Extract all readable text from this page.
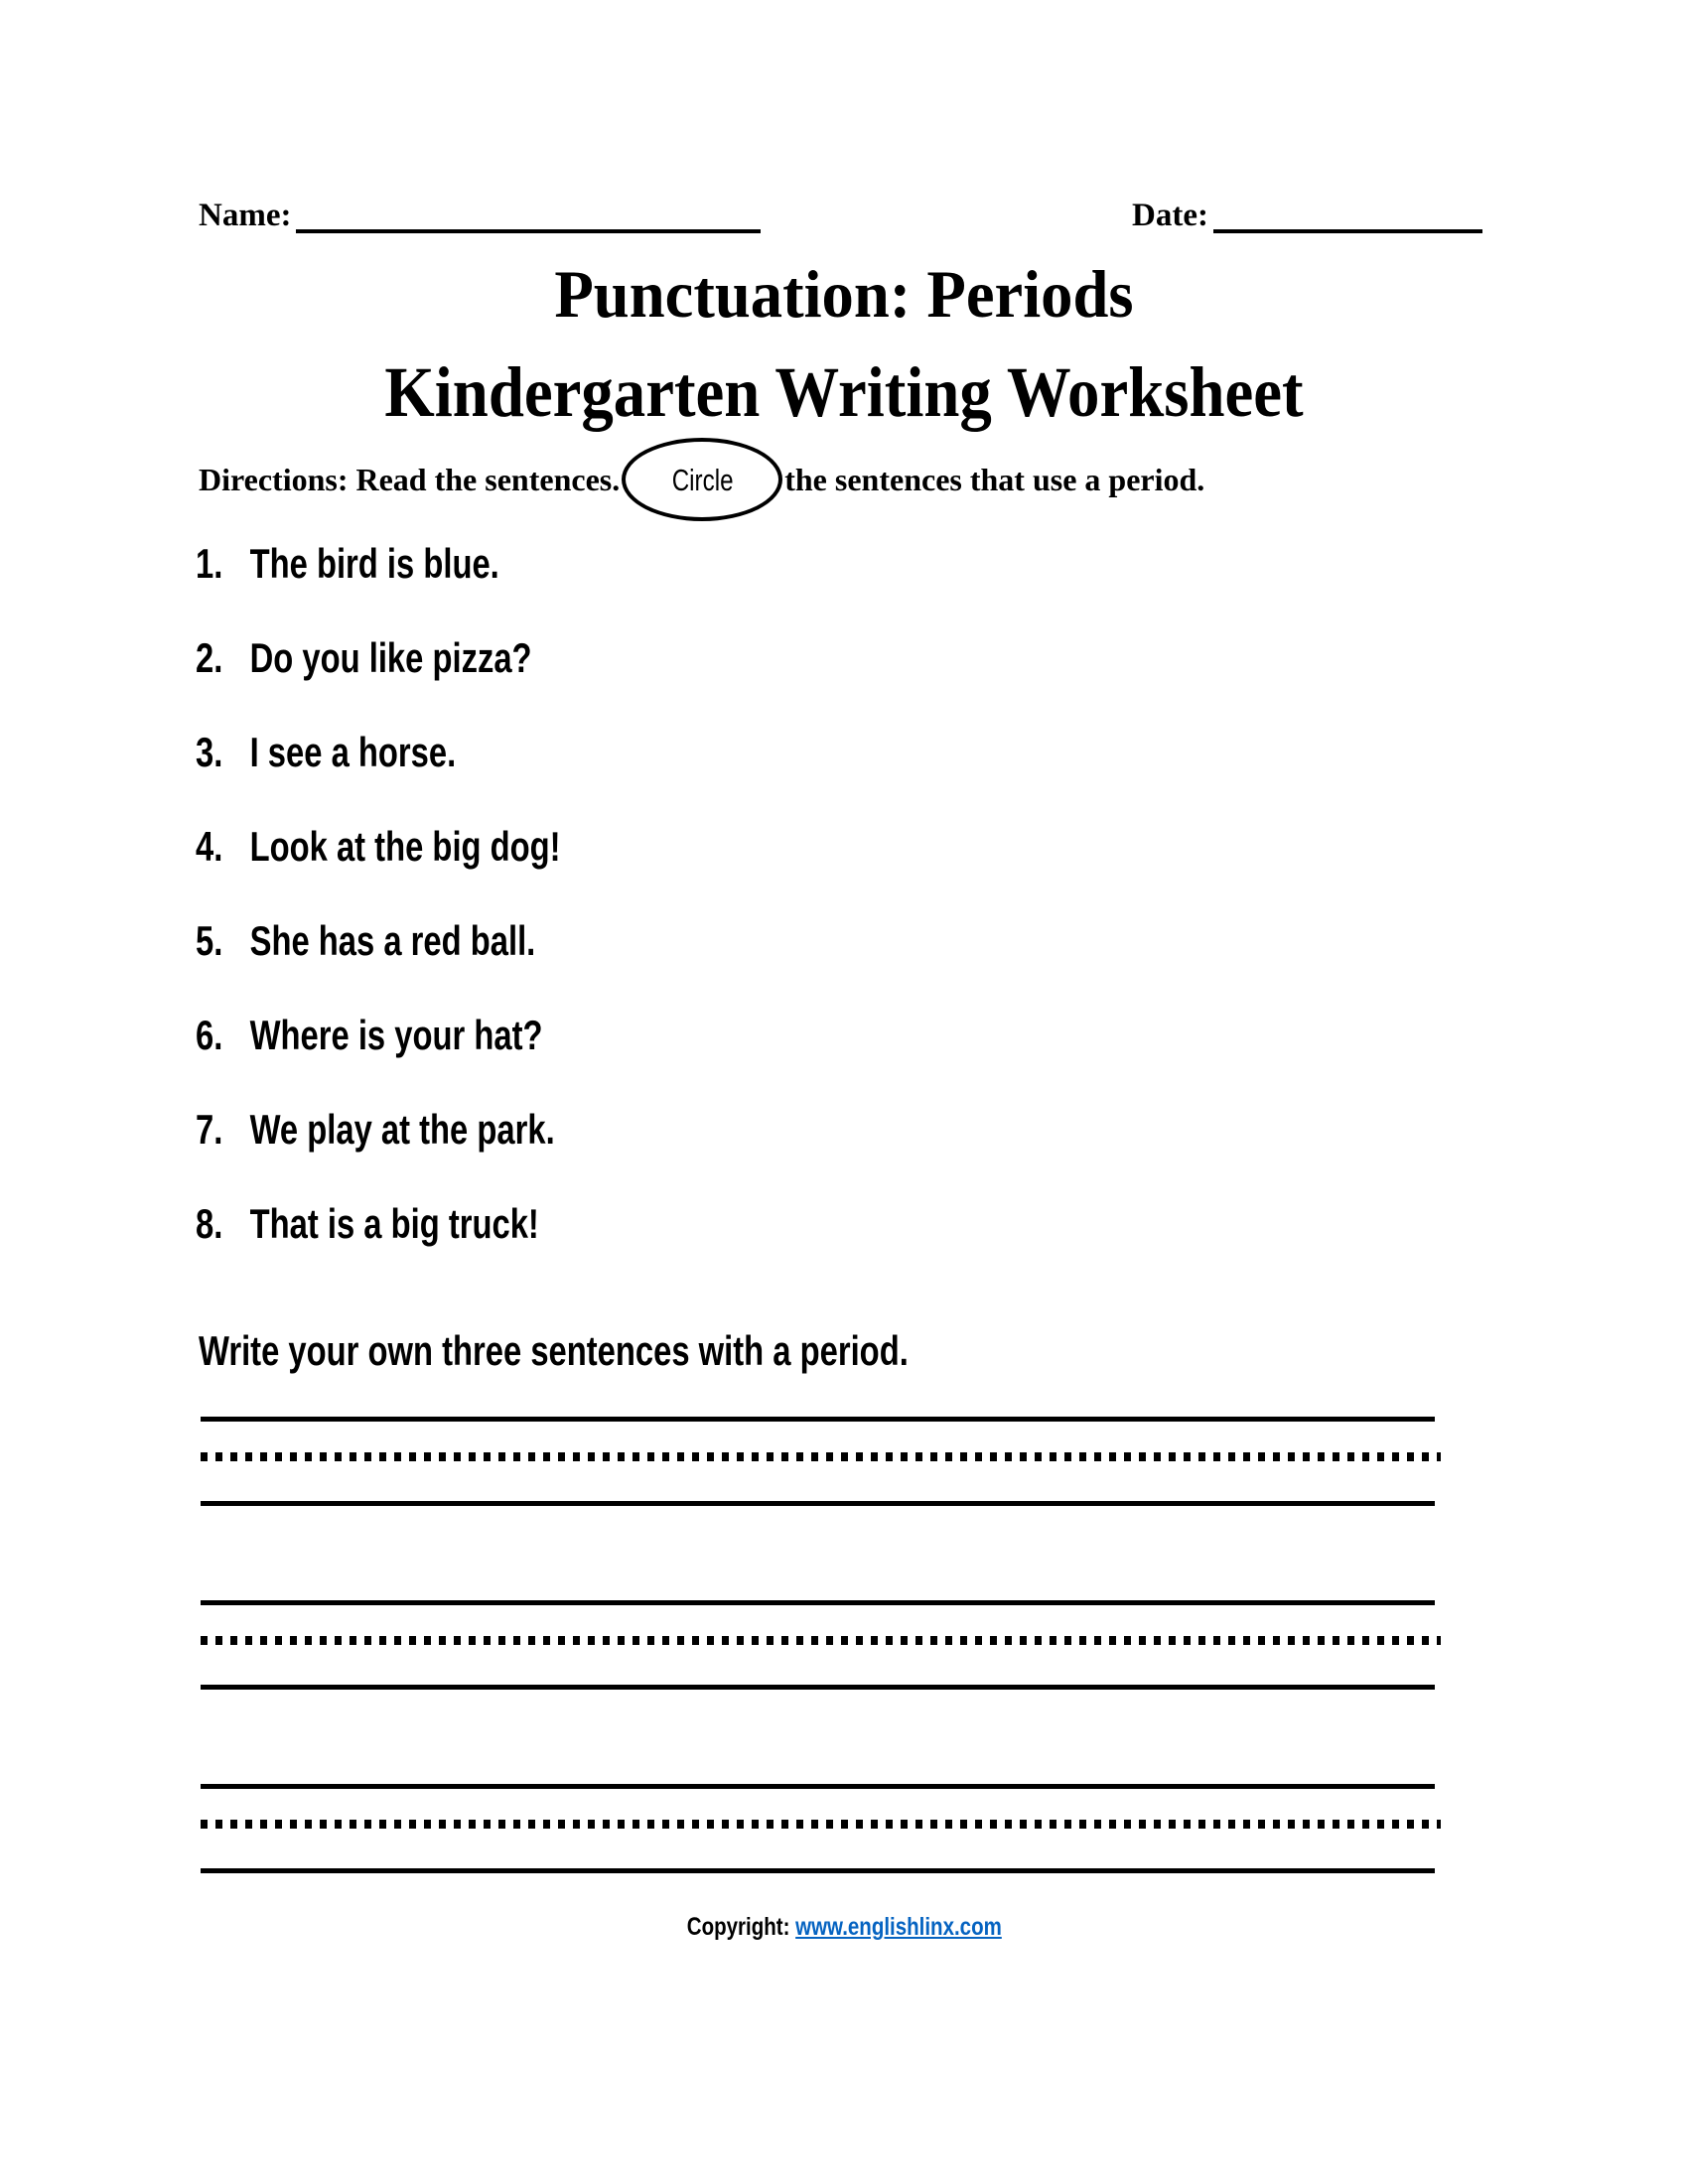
Name:	Date:
Punctuation: Periods
Kindergarten Writing Worksheet
Directions: Read the sentences. Circle the sentences that use a period.
1. The bird is blue.
2. Do you like pizza?
3. I see a horse.
4. Look at the big dog!
5. She has a red ball.
6. Where is your hat?
7. We play at the park.
8. That is a big truck!
Write your own three sentences with a period.
Copyright: www.englishlinx.com
